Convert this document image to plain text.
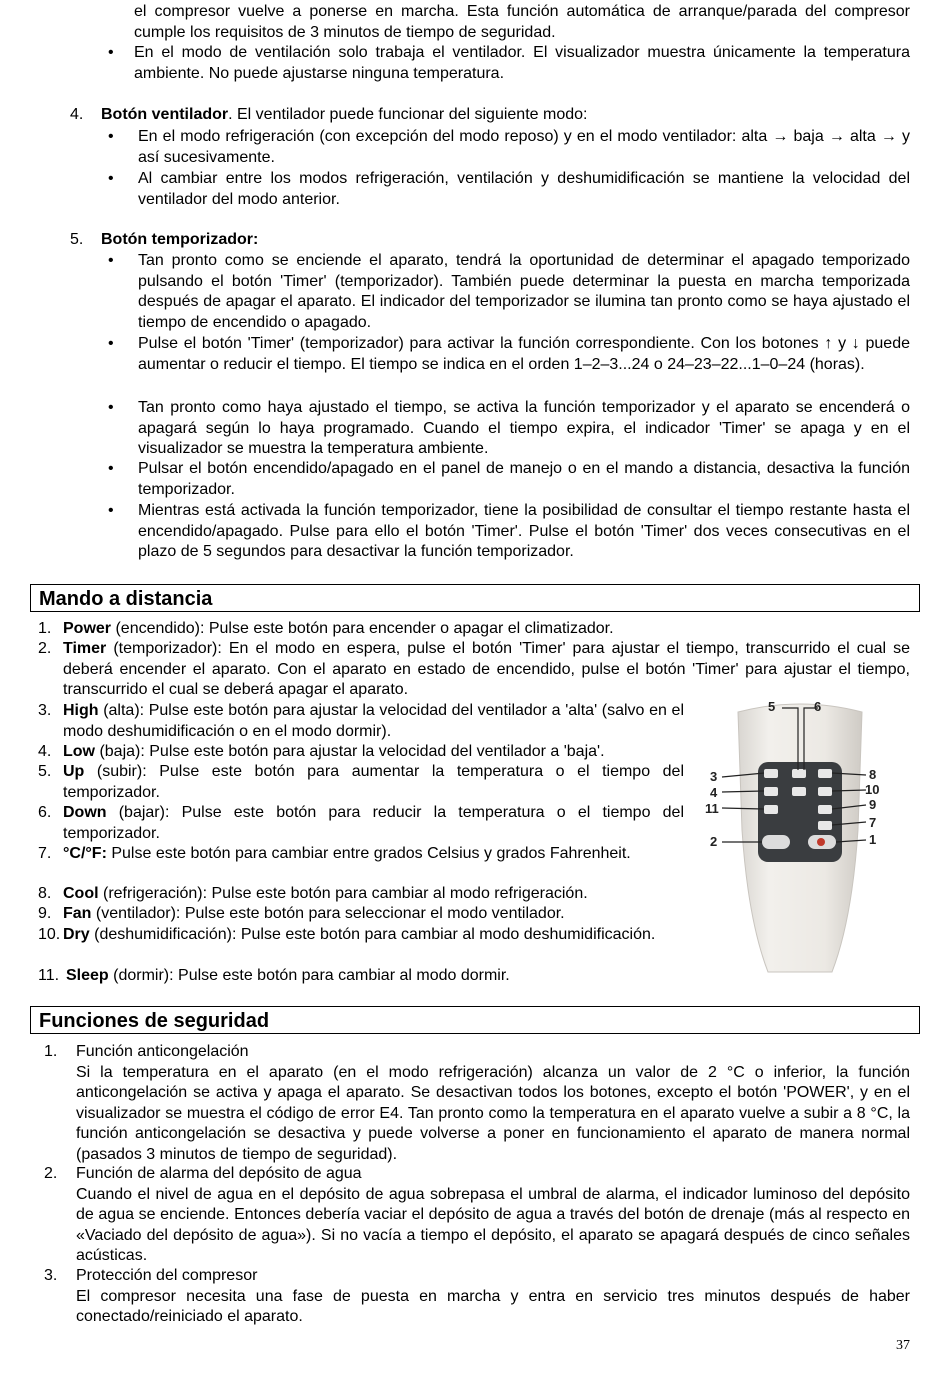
el compresor vuelve a ponerse en marcha. Esta función automática de arranque/parada del compresor cumple los requisitos de 3 minutos de tiempo de seguridad.

• En el modo de ventilación solo trabaja el ventilador. El visualizador muestra únicamente la temperatura ambiente. No puede ajustarse ninguna temperatura.

4. Botón ventilador. El ventilador puede funcionar del siguiente modo:
• En el modo refrigeración (con excepción del modo reposo) y en el modo ventilador: alta → baja → alta → y así sucesivamente.

• Al cambiar entre los modos refrigeración, ventilación y deshumidificación se mantiene la velocidad del ventilador del modo anterior.

5. Botón temporizador:
• Tan pronto como se enciende el aparato, tendrá la oportunidad de determinar el apagado temporizado pulsando el botón 'Timer' (temporizador). También puede determinar la puesta en marcha temporizada después de apagar el aparato. El indicador del temporizador se ilumina tan pronto como se haya ajustado el tiempo de encendido o apagado.

• Pulse el botón 'Timer' (temporizador) para activar la función correspondiente. Con los botones ↑ y ↓ puede aumentar o reducir el tiempo. El tiempo se indica en el orden 1–2–3...24 o 24–23–22...1–0–24 (horas).

• Tan pronto como haya ajustado el tiempo, se activa la función temporizador y el aparato se encenderá o apagará según lo haya programado. Cuando el tiempo expira, el indicador 'Timer' se apaga y en el visualizador se muestra la temperatura ambiente.

• Pulsar el botón encendido/apagado en el panel de manejo o en el mando a distancia, desactiva la función temporizador.

• Mientras está activada la función temporizador, tiene la posibilidad de consultar el tiempo restante hasta el encendido/apagado. Pulse para ello el botón 'Timer'. Pulse el botón 'Timer' dos veces consecutivas en el plazo de 5 segundos para desactivar la función temporizador.

Mando a distancia
1. Power (encendido): Pulse este botón para encender o apagar el climatizador.

2. Timer (temporizador): En el modo en espera, pulse el botón 'Timer' para ajustar el tiempo, transcurrido el cual se deberá encender el aparato. Con el aparato en estado de encendido, pulse el botón 'Timer' para ajustar el tiempo, transcurrido el cual se deberá apagar el aparato.

3. High (alta): Pulse este botón para ajustar la velocidad del ventilador a 'alta' (salvo en el modo deshumidificación o en el modo dormir).

4. Low (baja): Pulse este botón para ajustar la velocidad del ventilador a 'baja'.

5. Up (subir): Pulse este botón para aumentar la temperatura o el tiempo del temporizador.

6. Down (bajar): Pulse este botón para reducir la temperatura o el tiempo del temporizador.

7. °C/°F: Pulse este botón para cambiar entre grados Celsius y grados Fahrenheit.

8. Cool (refrigeración): Pulse este botón para cambiar al modo refrigeración.

9. Fan (ventilador): Pulse este botón para seleccionar el modo ventilador.

10. Dry (deshumidificación): Pulse este botón para cambiar al modo deshumidificación.

11. Sleep (dormir): Pulse este botón para cambiar al modo dormir.

5	6
3
4
11
2
8
10
9
7
1
Funciones de seguridad
1. Función anticongelación

Si la temperatura en el aparato (en el modo refrigeración) alcanza un valor de 2 °C o inferior, la función anticongelación se activa y apaga el aparato. Se desactivan todos los botones, excepto el botón 'POWER', y en el visualizador se muestra el código de error E4. Tan pronto como la temperatura en el aparato vuelve a subir a 8 °C, la función anticongelación se desactiva y puede volverse a poner en funcionamiento el aparato de manera normal (pasados 3 minutos de tiempo de seguridad).

2. Función de alarma del depósito de agua

Cuando el nivel de agua en el depósito de agua sobrepasa el umbral de alarma, el indicador luminoso del depósito de agua se enciende. Entonces debería vaciar el depósito de agua a través del botón de drenaje (más al respecto en «Vaciado del depósito de agua»). Si no vacía a tiempo el depósito, el aparato se apagará después de cinco señales acústicas.

3. Protección del compresor

El compresor necesita una fase de puesta en marcha y entra en servicio tres minutos después de haber conectado/reiniciado el aparato.

37
